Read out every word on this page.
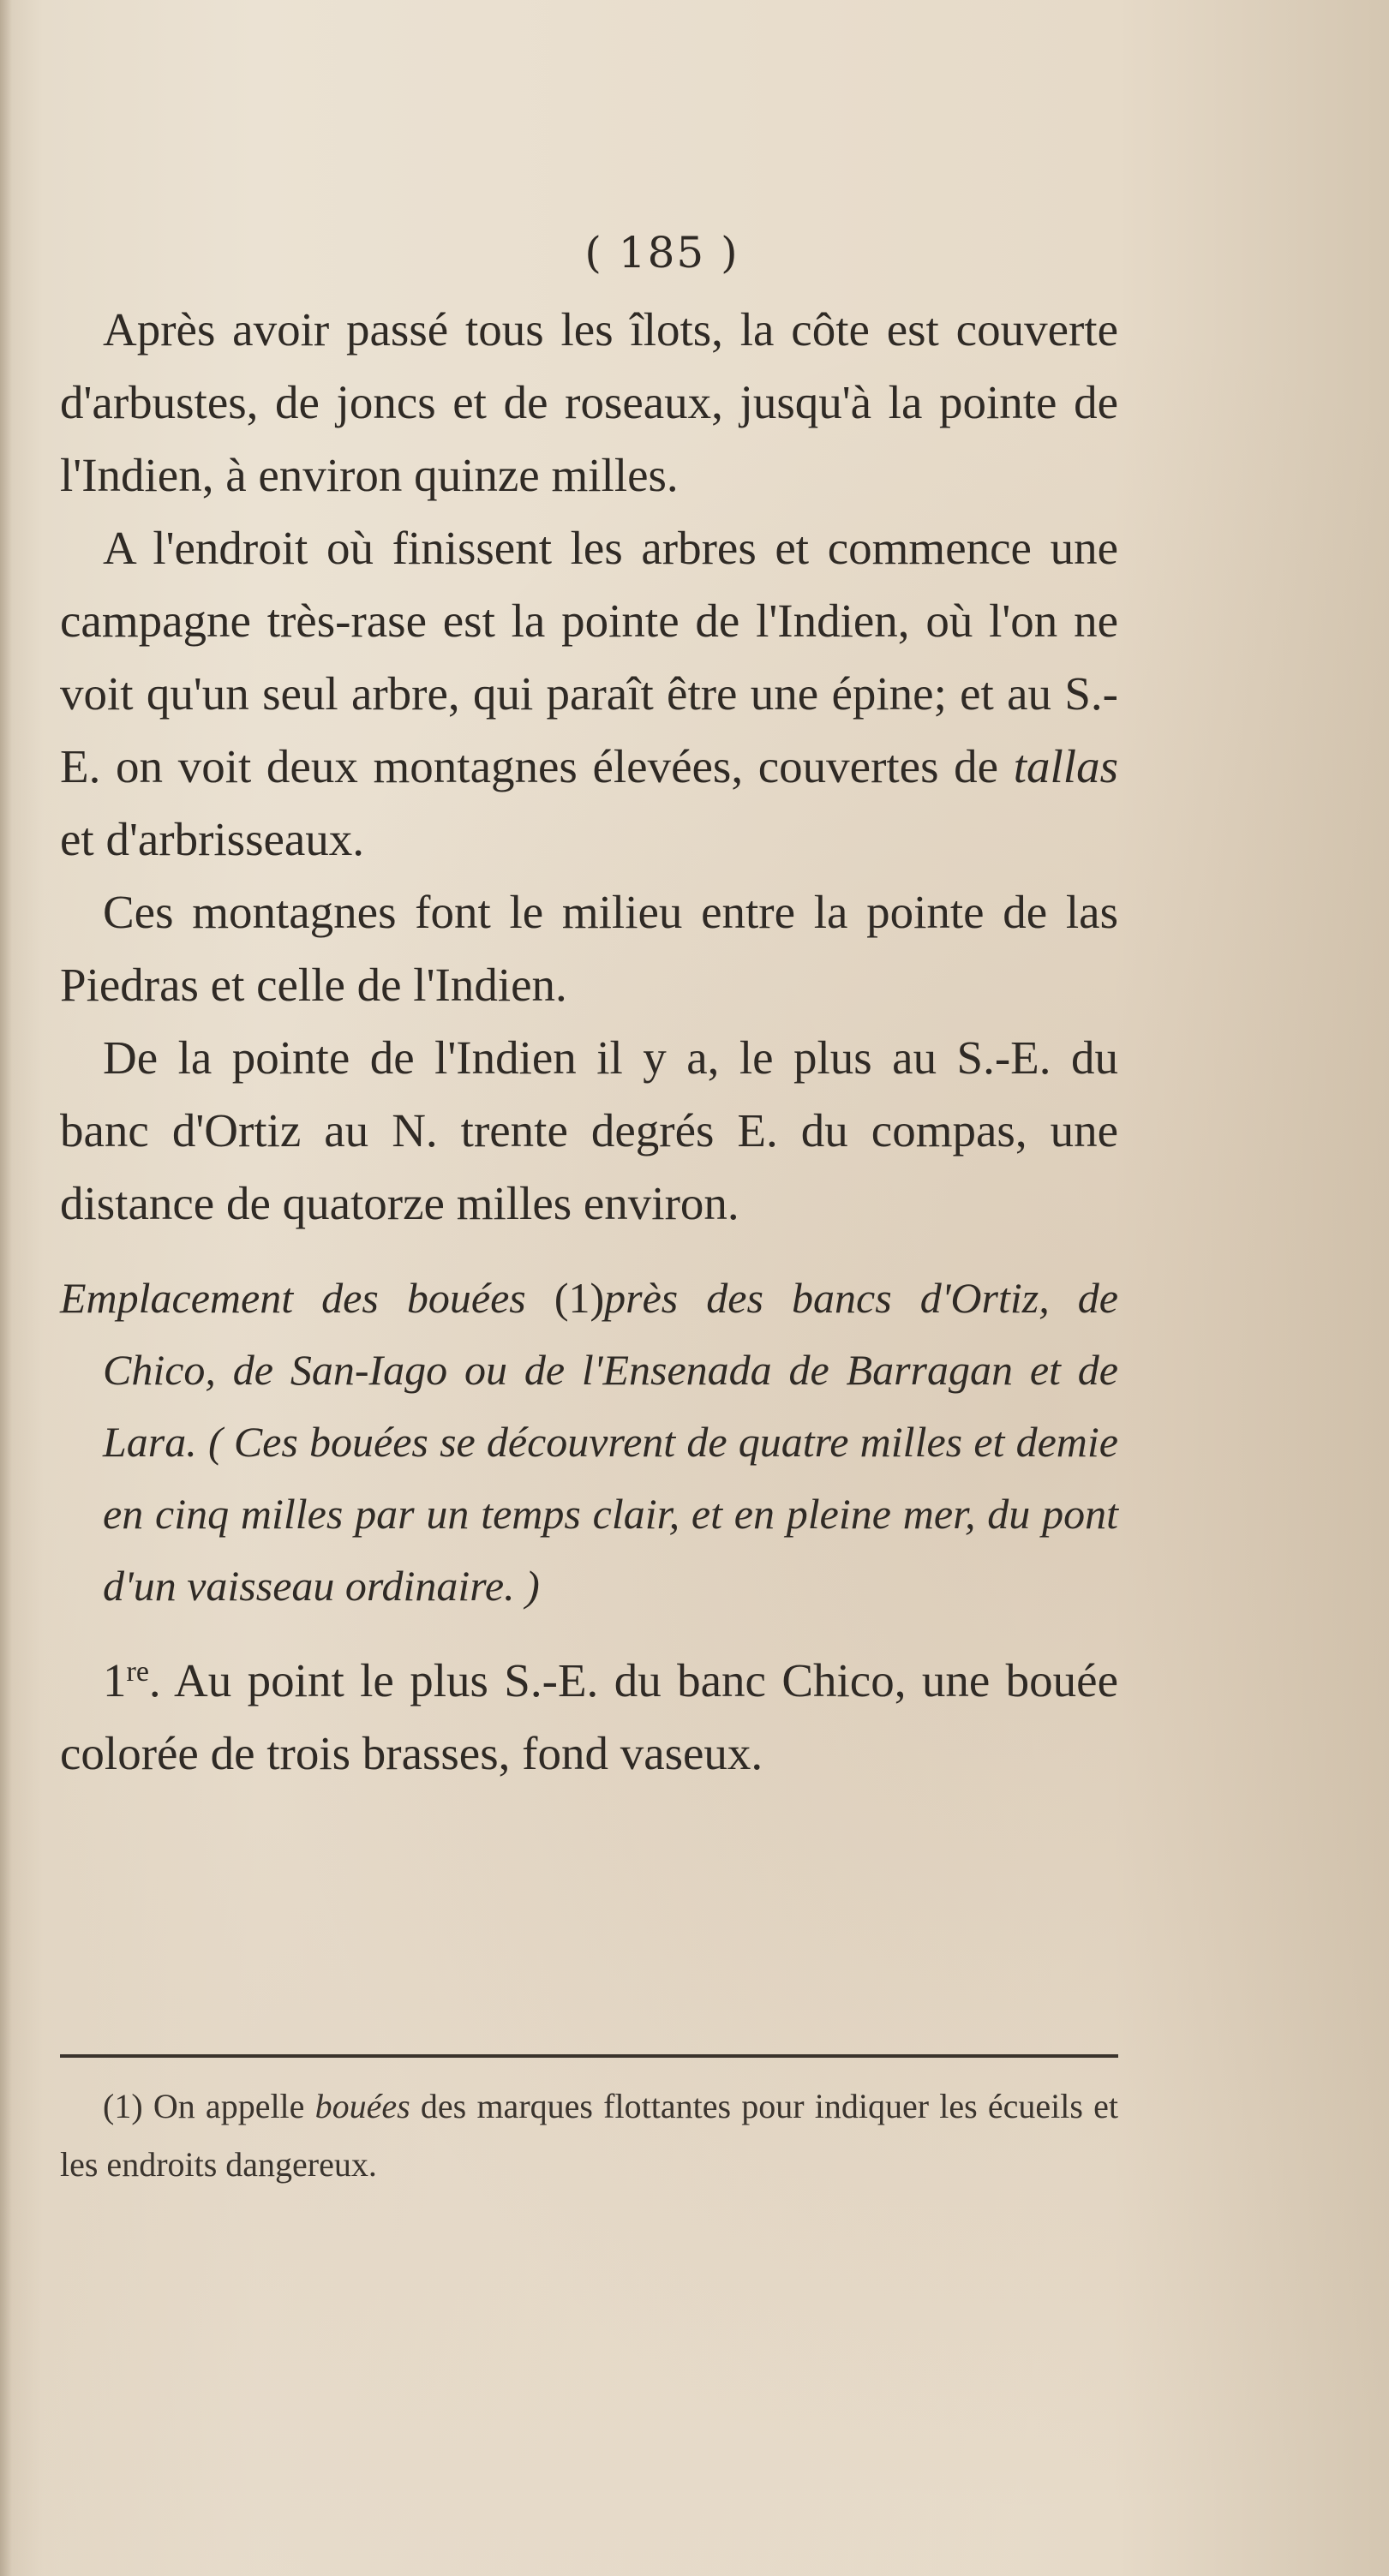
( 185 )

Après avoir passé tous les îlots, la côte est couverte d'arbustes, de joncs et de roseaux, jusqu'à la pointe de l'Indien, à environ quinze milles.

A l'endroit où finissent les arbres et commence une campagne très-rase est la pointe de l'Indien, où l'on ne voit qu'un seul arbre, qui paraît être une épine; et au S.-E. on voit deux montagnes élevées, couvertes de tallas et d'arbrisseaux.

Ces montagnes font le milieu entre la pointe de las Piedras et celle de l'Indien.

De la pointe de l'Indien il y a, le plus au S.-E. du banc d'Ortiz au N. trente degrés E. du compas, une distance de quatorze milles environ.

Emplacement des bouées (1)près des bancs d'Ortiz, de Chico, de San-Iago ou de l'Ensenada de Barragan et de Lara. ( Ces bouées se découvrent de quatre milles et demie en cinq milles par un temps clair, et en pleine mer, du pont d'un vaisseau ordinaire. )

1re. Au point le plus S.-E. du banc Chico, une bouée colorée de trois brasses, fond vaseux.

(1) On appelle bouées des marques flottantes pour indiquer les écueils et les endroits dangereux.
